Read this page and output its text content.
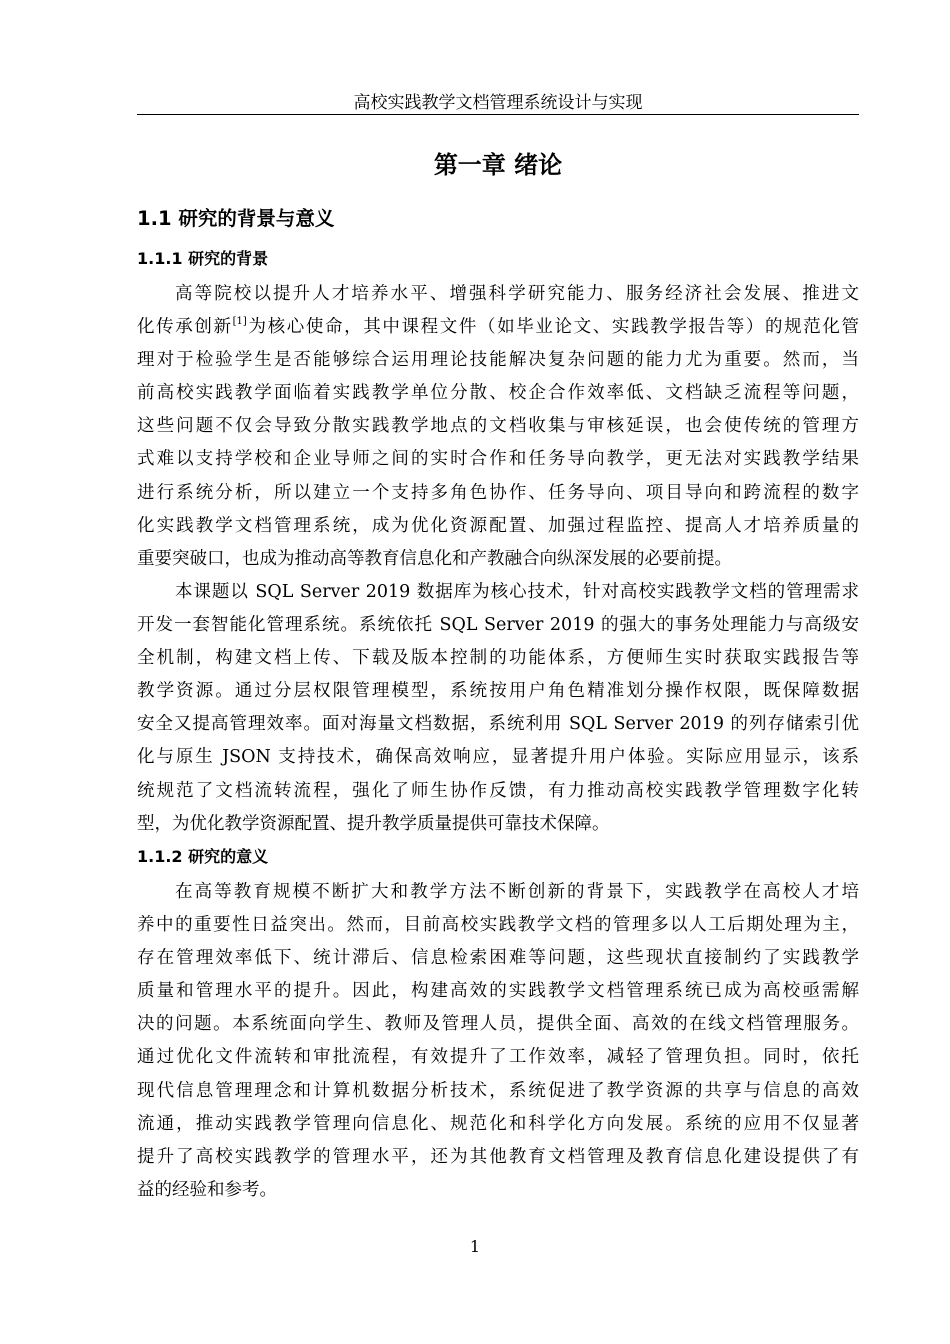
高校实践教学文档管理系统设计与实现
第一章 绪论
1.1 研究的背景与意义
1.1.1 研究的背景
高等院校以提升人才培养水平、增强科学研究能力、服务经济社会发展、推进文
化传承创新[1]为核心使命，其中课程文件（如毕业论文、实践教学报告等）的规范化管
理对于检验学生是否能够综合运用理论技能解决复杂问题的能力尤为重要。然而，当
前高校实践教学面临着实践教学单位分散、校企合作效率低、文档缺乏流程等问题，
这些问题不仅会导致分散实践教学地点的文档收集与审核延误，也会使传统的管理方
式难以支持学校和企业导师之间的实时合作和任务导向教学，更无法对实践教学结果
进行系统分析，所以建立一个支持多角色协作、任务导向、项目导向和跨流程的数字
化实践教学文档管理系统，成为优化资源配置、加强过程监控、提高人才培养质量的
重要突破口，也成为推动高等教育信息化和产教融合向纵深发展的必要前提。
本课题以 SQL Server 2019 数据库为核心技术，针对高校实践教学文档的管理需求
开发一套智能化管理系统。系统依托 SQL Server 2019 的强大的事务处理能力与高级安
全机制，构建文档上传、下载及版本控制的功能体系，方便师生实时获取实践报告等
教学资源。通过分层权限管理模型，系统按用户角色精准划分操作权限，既保障数据
安全又提高管理效率。面对海量文档数据，系统利用 SQL Server 2019 的列存储索引优
化与原生 JSON 支持技术，确保高效响应，显著提升用户体验。实际应用显示，该系
统规范了文档流转流程，强化了师生协作反馈，有力推动高校实践教学管理数字化转
型，为优化教学资源配置、提升教学质量提供可靠技术保障。
1.1.2 研究的意义
在高等教育规模不断扩大和教学方法不断创新的背景下，实践教学在高校人才培
养中的重要性日益突出。然而，目前高校实践教学文档的管理多以人工后期处理为主，
存在管理效率低下、统计滞后、信息检索困难等问题，这些现状直接制约了实践教学
质量和管理水平的提升。因此，构建高效的实践教学文档管理系统已成为高校亟需解
决的问题。本系统面向学生、教师及管理人员，提供全面、高效的在线文档管理服务。
通过优化文件流转和审批流程，有效提升了工作效率，减轻了管理负担。同时，依托
现代信息管理理念和计算机数据分析技术，系统促进了教学资源的共享与信息的高效
流通，推动实践教学管理向信息化、规范化和科学化方向发展。系统的应用不仅显著
提升了高校实践教学的管理水平，还为其他教育文档管理及教育信息化建设提供了有
益的经验和参考。
1
